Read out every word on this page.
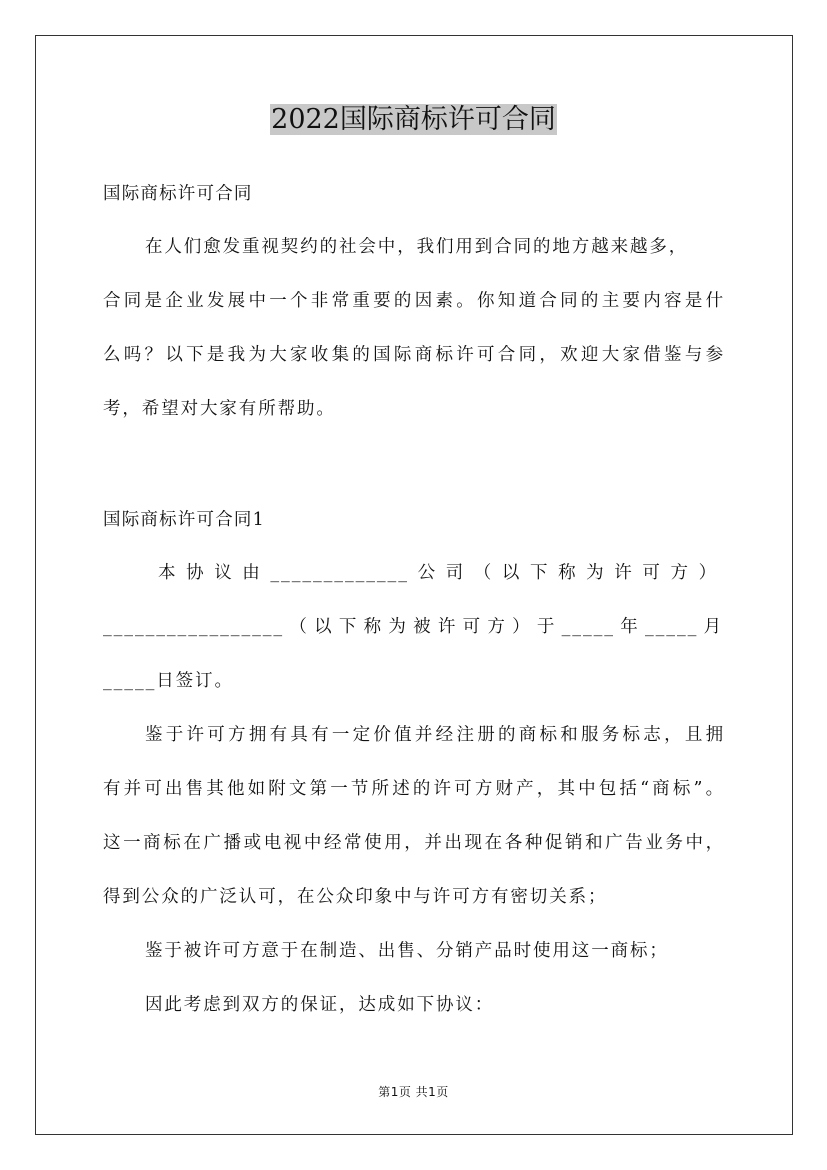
2022国际商标许可合同
国际商标许可合同
在人们愈发重视契约的社会中，我们用到合同的地方越来越多，
合同是企业发展中一个非常重要的因素。你知道合同的主要内容是什
么吗？以下是我为大家收集的国际商标许可合同，欢迎大家借鉴与参
考，希望对大家有所帮助。
国际商标许可合同1
本协议由_____________公司（以下称为许可方）
_________________（以下称为被许可方）于_____年_____月
_____日签订。
鉴于许可方拥有具有一定价值并经注册的商标和服务标志，且拥
有并可出售其他如附文第一节所述的许可方财产，其中包括“商标”。
这一商标在广播或电视中经常使用，并出现在各种促销和广告业务中，
得到公众的广泛认可，在公众印象中与许可方有密切关系；
鉴于被许可方意于在制造、出售、分销产品时使用这一商标；
因此考虑到双方的保证，达成如下协议：
第1页 共1页
